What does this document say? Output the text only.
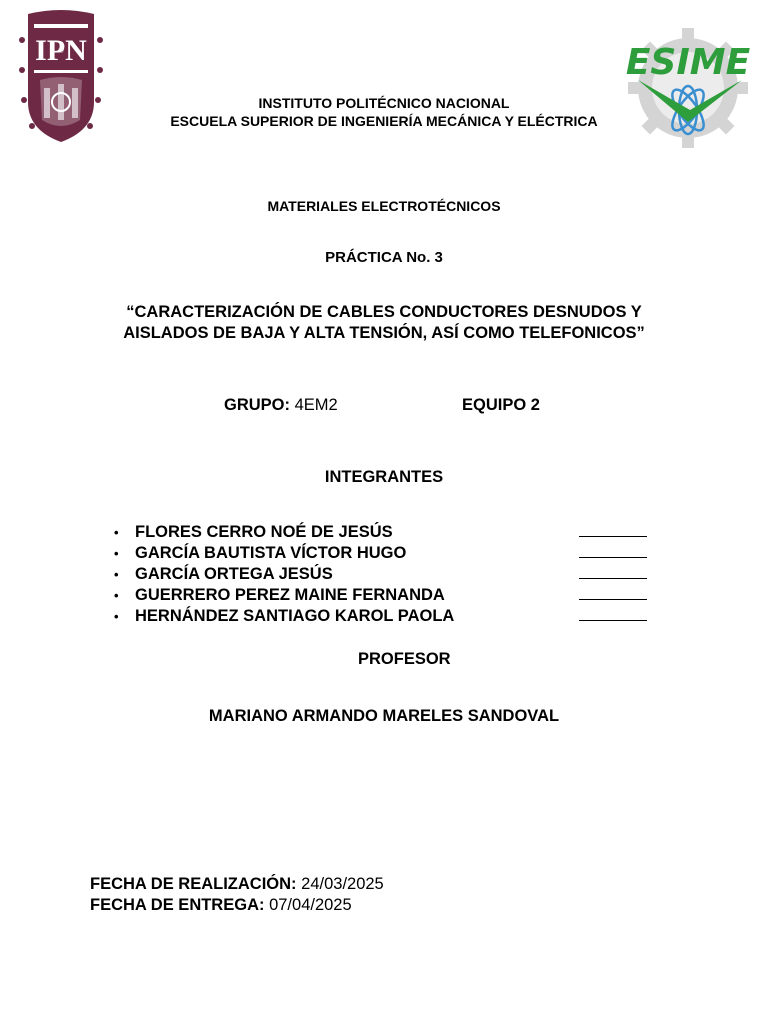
IPN	ESIME
INSTITUTO POLITÉCNICO NACIONAL
ESCUELA SUPERIOR DE INGENIERÍA MECÁNICA Y ELÉCTRICA
MATERIALES ELECTROTÉCNICOS
PRÁCTICA No. 3
“CARACTERIZACIÓN DE CABLES CONDUCTORES DESNUDOS Y
AISLADOS DE BAJA Y ALTA TENSIÓN, ASÍ COMO TELEFONICOS”
GRUPO: 4EM2	EQUIPO 2
INTEGRANTES
• FLORES CERRO NOÉ DE JESÚS
• GARCÍA BAUTISTA VÍCTOR HUGO
• GARCÍA ORTEGA JESÚS
• GUERRERO PEREZ MAINE FERNANDA
• HERNÁNDEZ SANTIAGO KAROL PAOLA
PROFESOR
MARIANO ARMANDO MARELES SANDOVAL
FECHA DE REALIZACIÓN: 24/03/2025
FECHA DE ENTREGA: 07/04/2025
